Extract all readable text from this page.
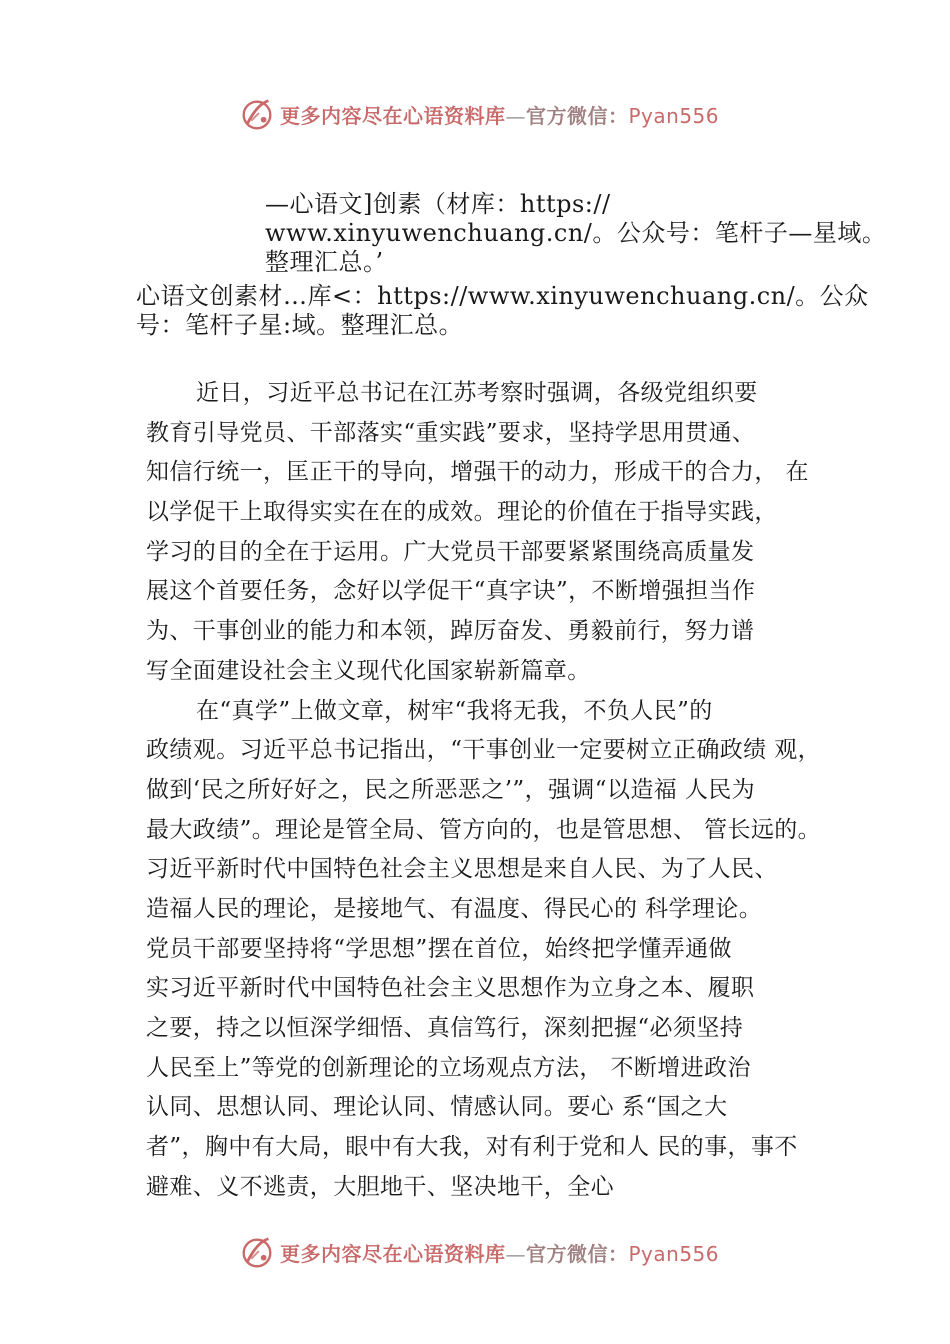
更多内容尽在心语资料库—官方微信：Pyan556
—心语文]创素（材库：https://
www.xinyuwenchuang.cn/。公众号：笔杆子—星域。
整理汇总。’
心语文创素材…库<：https://www.xinyuwenchuang.cn/。公众
号：笔杆子星:域。整理汇总。
近日，习近平总书记在江苏考察时强调，各级党组织要
教育引导党员、干部落实“重实践”要求，坚持学思用贯通、
知信行统一，匡正干的导向，增强干的动力，形成干的合力， 在
以学促干上取得实实在在的成效。理论的价值在于指导实践，
学习的目的全在于运用。广大党员干部要紧紧围绕高质量发
展这个首要任务，念好以学促干“真字诀”，不断增强担当作
为、干事创业的能力和本领，踔厉奋发、勇毅前行，努力谱
写全面建设社会主义现代化国家崭新篇章。
在“真学”上做文章，树牢“我将无我，不负人民”的
政绩观。习近平总书记指出，“干事创业一定要树立正确政绩 观，
做到‘民之所好好之，民之所恶恶之’”，强调“以造福 人民为
最大政绩”。理论是管全局、管方向的，也是管思想、 管长远的。
习近平新时代中国特色社会主义思想是来自人民、为了人民、
造福人民的理论，是接地气、有温度、得民心的 科学理论。
党员干部要坚持将“学思想”摆在首位，始终把学懂弄通做
实习近平新时代中国特色社会主义思想作为立身之本、履职
之要，持之以恒深学细悟、真信笃行，深刻把握“必须坚持
人民至上”等党的创新理论的立场观点方法， 不断增进政治
认同、思想认同、理论认同、情感认同。要心 系“国之大
者”，胸中有大局，眼中有大我，对有利于党和人 民的事，事不
避难、义不逃责，大胆地干、坚决地干，全心
更多内容尽在心语资料库—官方微信：Pyan556
